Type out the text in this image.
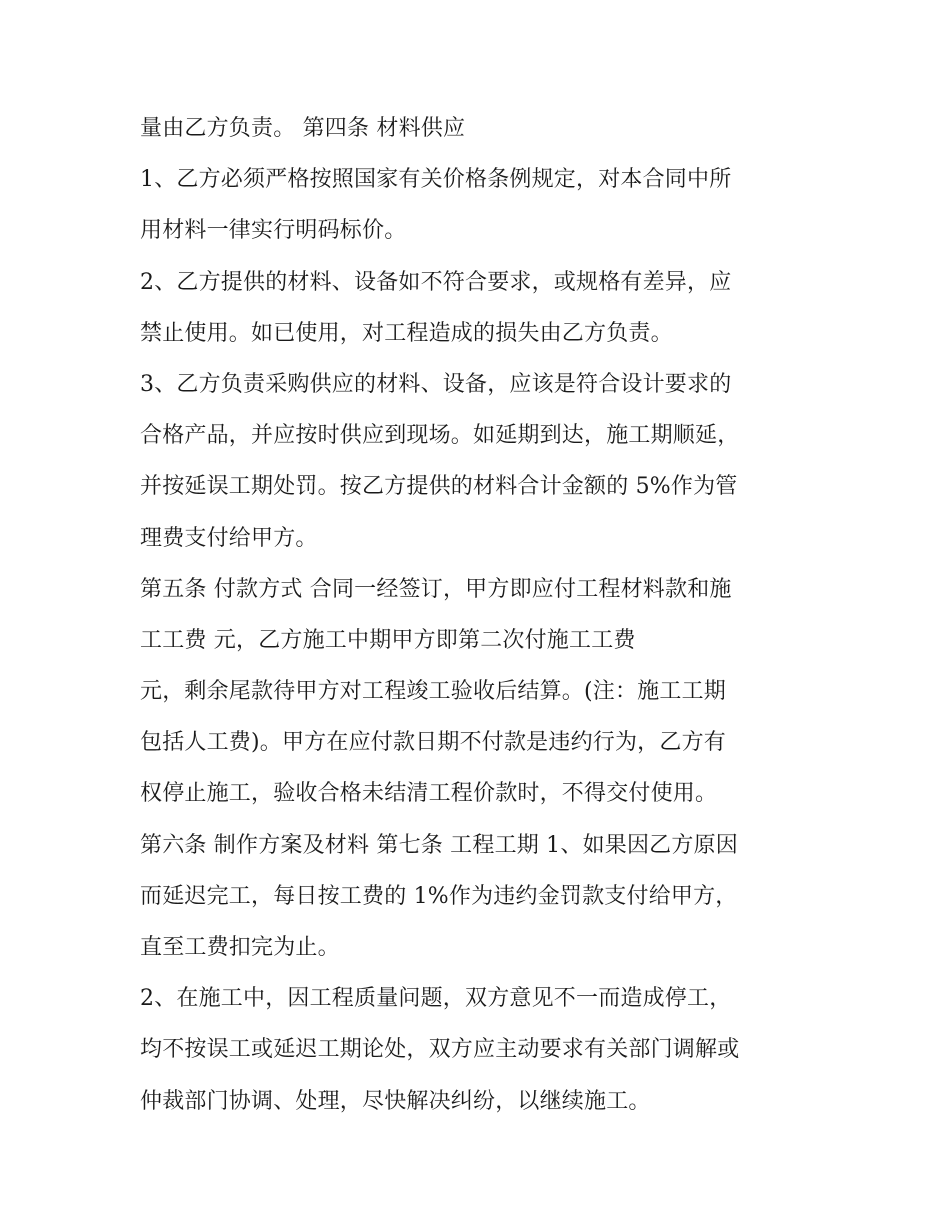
量由乙方负责。 第四条 材料供应
1、乙方必须严格按照国家有关价格条例规定，对本合同中所
用材料一律实行明码标价。
2、乙方提供的材料、设备如不符合要求，或规格有差异，应
禁止使用。如已使用，对工程造成的损失由乙方负责。
3、乙方负责采购供应的材料、设备，应该是符合设计要求的
合格产品，并应按时供应到现场。如延期到达，施工期顺延，
并按延误工期处罚。按乙方提供的材料合计金额的 5%作为管
理费支付给甲方。
第五条 付款方式 合同一经签订，甲方即应付工程材料款和施
工工费 元，乙方施工中期甲方即第二次付施工工费
元，剩余尾款待甲方对工程竣工验收后结算。(注：施工工期
包括人工费)。甲方在应付款日期不付款是违约行为，乙方有
权停止施工，验收合格未结清工程价款时，不得交付使用。
第六条 制作方案及材料 第七条 工程工期 1、如果因乙方原因
而延迟完工，每日按工费的 1%作为违约金罚款支付给甲方，
直至工费扣完为止。
2、在施工中，因工程质量问题，双方意见不一而造成停工，
均不按误工或延迟工期论处，双方应主动要求有关部门调解或
仲裁部门协调、处理，尽快解决纠纷，以继续施工。
